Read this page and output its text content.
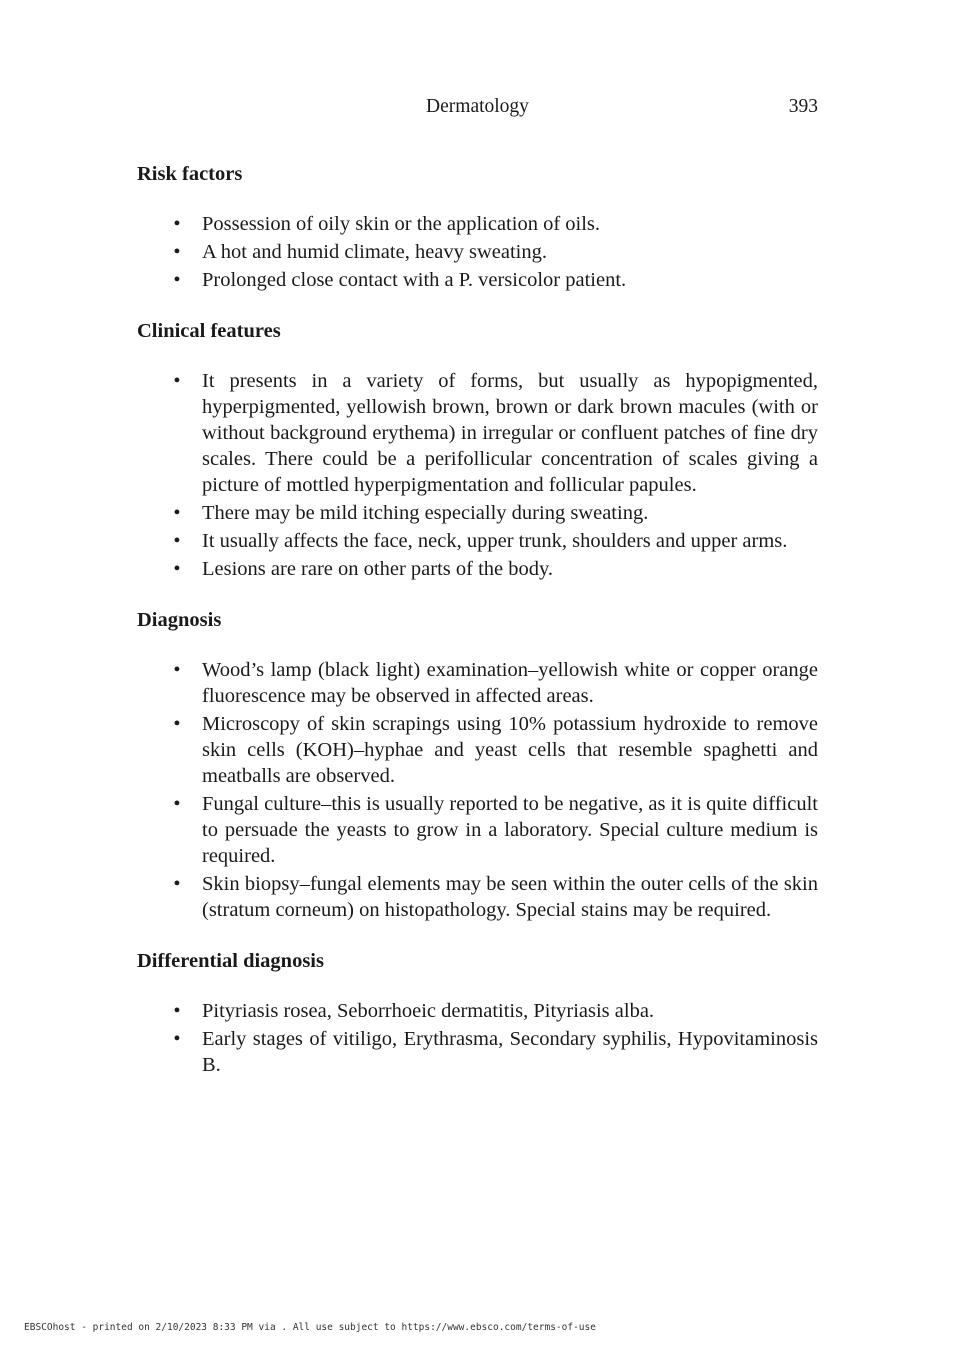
Dermatology	393
Risk factors
• Possession of oily skin or the application of oils.
• A hot and humid climate, heavy sweating.
• Prolonged close contact with a P. versicolor patient.
Clinical features
• It presents in a variety of forms, but usually as hypopigmented, hyperpigmented, yellowish brown, brown or dark brown macules (with or without background erythema) in irregular or confluent patches of fine dry scales. There could be a perifollicular concentration of scales giving a picture of mottled hyperpigmentation and follicular papules.
• There may be mild itching especially during sweating.
• It usually affects the face, neck, upper trunk, shoulders and upper arms.
• Lesions are rare on other parts of the body.
Diagnosis
• Wood’s lamp (black light) examination–yellowish white or copper orange fluorescence may be observed in affected areas.
• Microscopy of skin scrapings using 10% potassium hydroxide to remove skin cells (KOH)–hyphae and yeast cells that resemble spaghetti and meatballs are observed.
• Fungal culture–this is usually reported to be negative, as it is quite difficult to persuade the yeasts to grow in a laboratory. Special culture medium is required.
• Skin biopsy–fungal elements may be seen within the outer cells of the skin (stratum corneum) on histopathology. Special stains may be required.
Differential diagnosis
• Pityriasis rosea, Seborrhoeic dermatitis, Pityriasis alba.
• Early stages of vitiligo, Erythrasma, Secondary syphilis, Hypovitaminosis B.
EBSCOhost - printed on 2/10/2023 8:33 PM via . All use subject to https://www.ebsco.com/terms-of-use
